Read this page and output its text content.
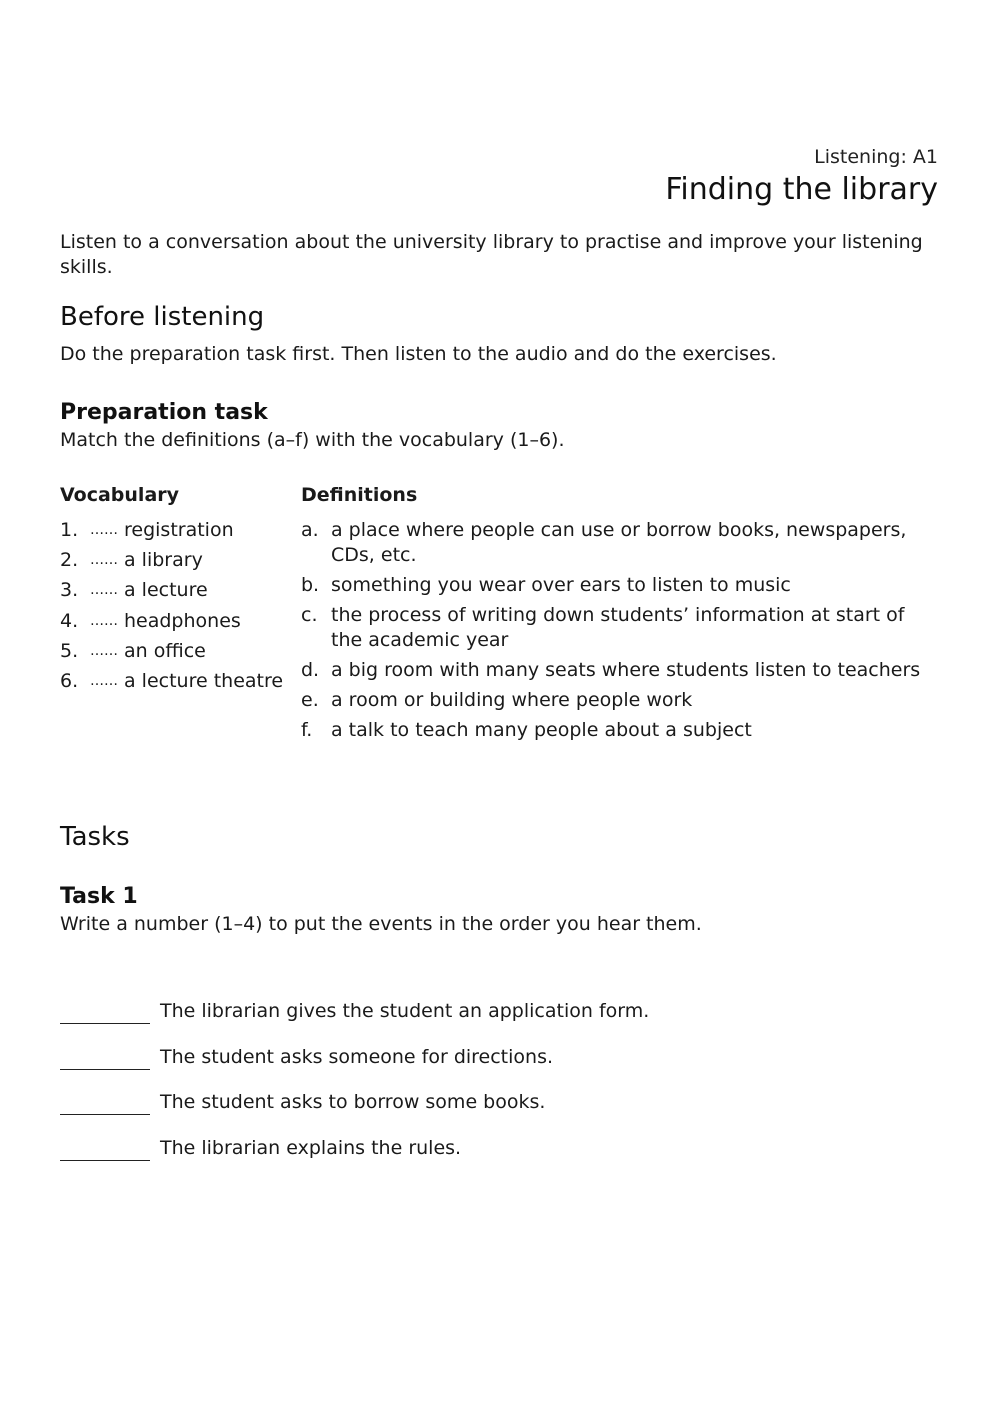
Listening: A1
Finding the library

Listen to a conversation about the university library to practise and improve your listening skills.

Before listening

Do the preparation task first. Then listen to the audio and do the exercises.

Preparation task

Match the definitions (a–f) with the vocabulary (1–6).

Vocabulary	Definitions
1. …… registration
2. …… a library
3. …… a lecture
4. …… headphones
5. …… an office
6. …… a lecture theatre
a. a place where people can use or borrow books, newspapers, CDs, etc.
b. something you wear over ears to listen to music
c. the process of writing down students’ information at start of the academic year
d. a big room with many seats where students listen to teachers
e. a room or building where people work
f. a talk to teach many people about a subject
Tasks
Task 1

Write a number (1–4) to put the events in the order you hear them.

The librarian gives the student an application form.
The student asks someone for directions.
The student asks to borrow some books.
The librarian explains the rules.
